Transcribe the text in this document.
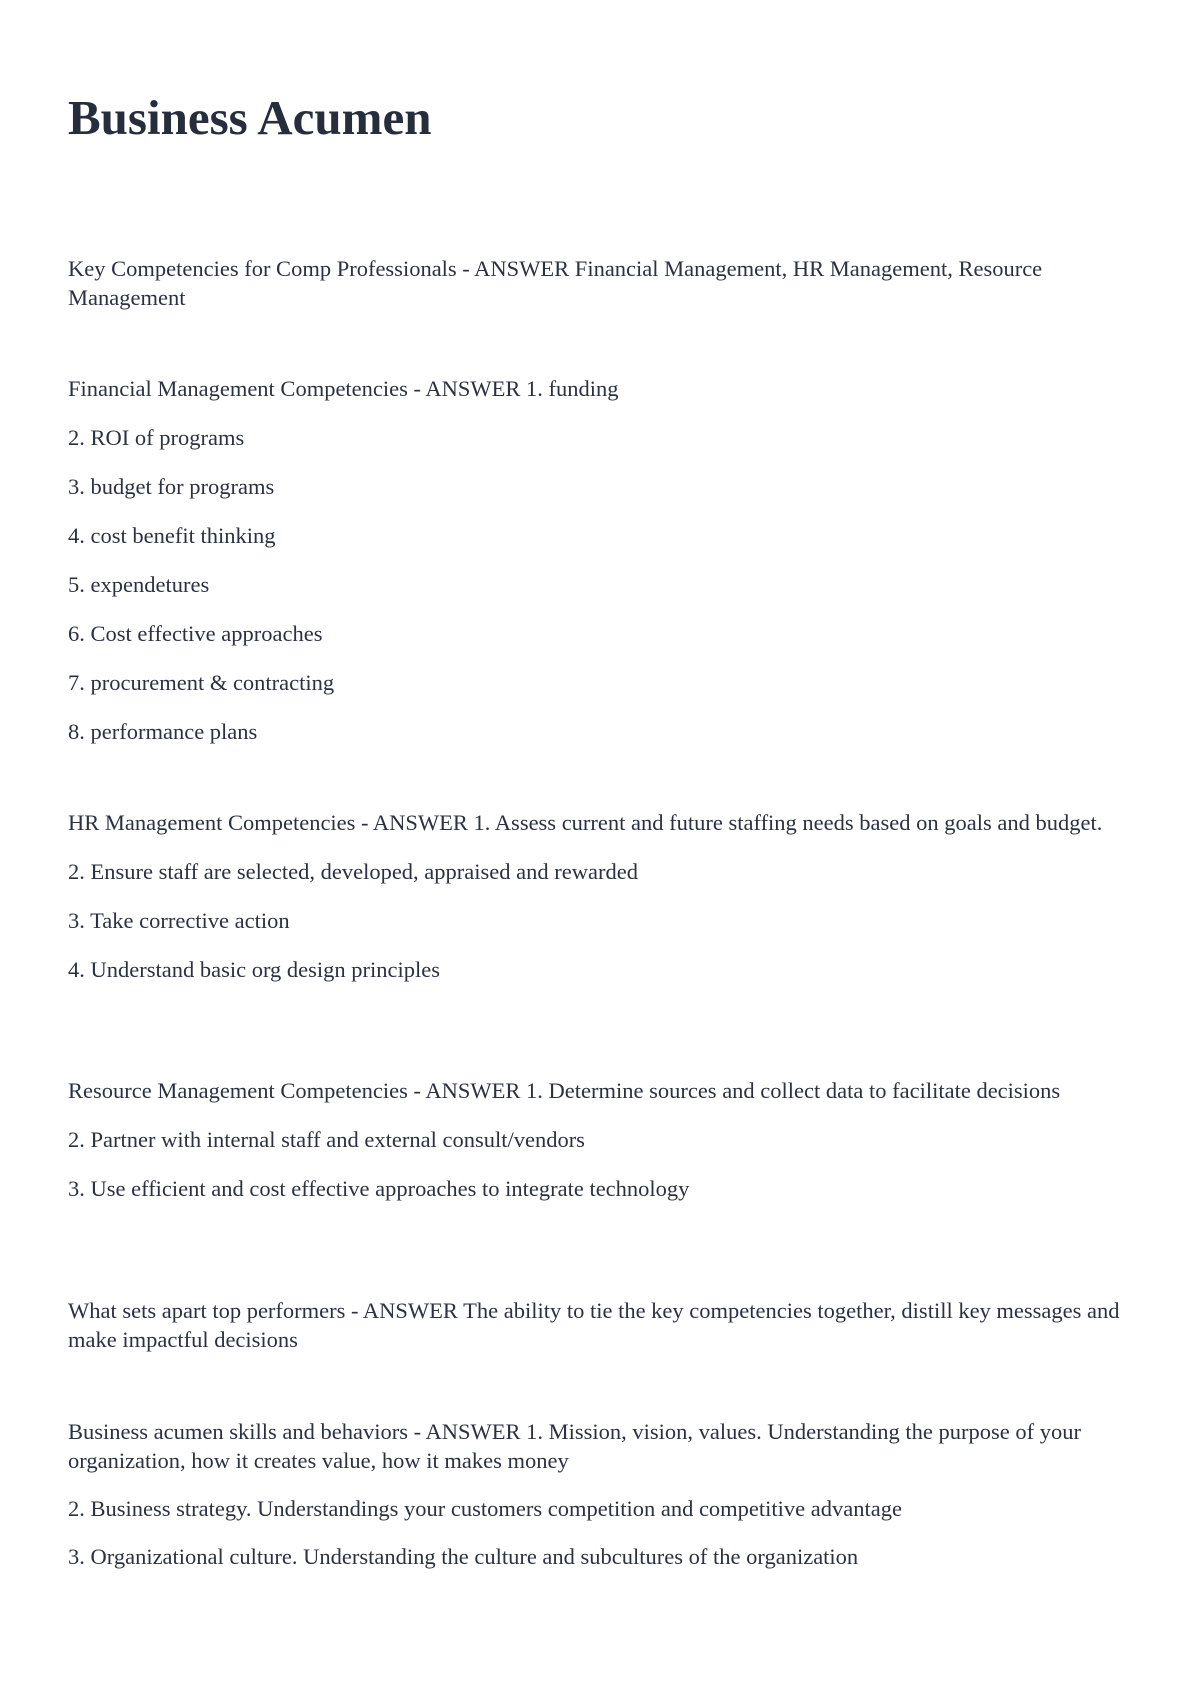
Business Acumen

Key Competencies for Comp Professionals - ANSWER Financial Management, HR Management, Resource Management

Financial Management Competencies - ANSWER 1. funding

2. ROI of programs

3. budget for programs

4. cost benefit thinking

5. expendetures

6. Cost effective approaches

7. procurement & contracting

8. performance plans

HR Management Competencies - ANSWER 1. Assess current and future staffing needs based on goals and budget.

2. Ensure staff are selected, developed, appraised and rewarded

3. Take corrective action

4. Understand basic org design principles

Resource Management Competencies - ANSWER 1. Determine sources and collect data to facilitate decisions

2. Partner with internal staff and external consult/vendors

3. Use efficient and cost effective approaches to integrate technology

What sets apart top performers - ANSWER The ability to tie the key competencies together, distill key messages and make impactful decisions

Business acumen skills and behaviors - ANSWER 1. Mission, vision, values. Understanding the purpose of your organization, how it creates value, how it makes money

2. Business strategy. Understandings your customers competition and competitive advantage

3. Organizational culture. Understanding the culture and subcultures of the organization
